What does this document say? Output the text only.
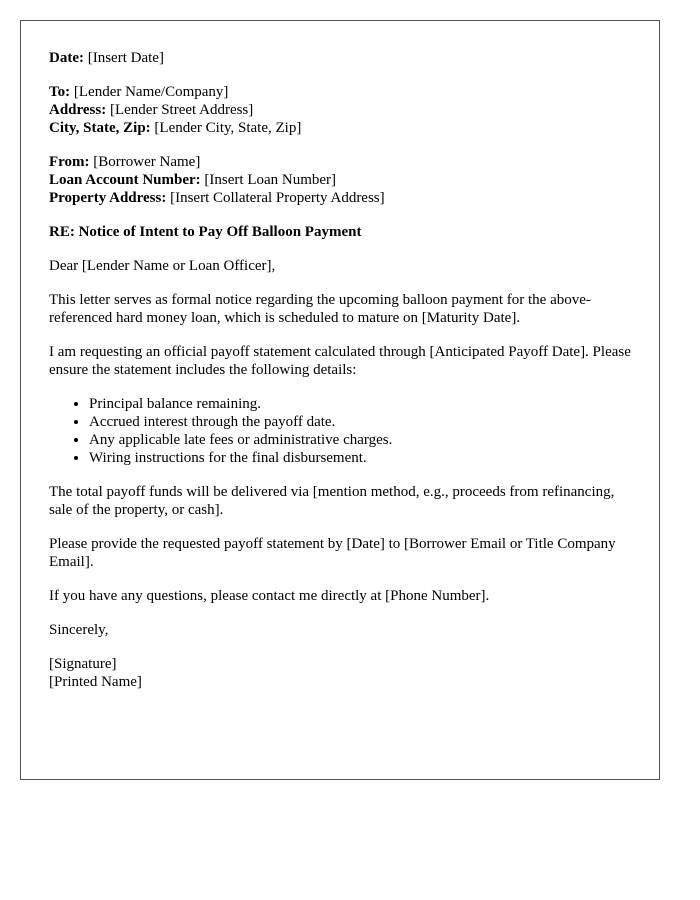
Date: [Insert Date]
To: [Lender Name/Company]
Address: [Lender Street Address]
City, State, Zip: [Lender City, State, Zip]
From: [Borrower Name]
Loan Account Number: [Insert Loan Number]
Property Address: [Insert Collateral Property Address]
RE: Notice of Intent to Pay Off Balloon Payment

Dear [Lender Name or Loan Officer],

This letter serves as formal notice regarding the upcoming balloon payment for the above-referenced hard money loan, which is scheduled to mature on [Maturity Date].

I am requesting an official payoff statement calculated through [Anticipated Payoff Date]. Please ensure the statement includes the following details:

• Principal balance remaining.
• Accrued interest through the payoff date.
• Any applicable late fees or administrative charges.
• Wiring instructions for the final disbursement.

The total payoff funds will be delivered via [mention method, e.g., proceeds from refinancing, sale of the property, or cash].

Please provide the requested payoff statement by [Date] to [Borrower Email or Title Company Email].

If you have any questions, please contact me directly at [Phone Number].

Sincerely,

[Signature]
[Printed Name]
